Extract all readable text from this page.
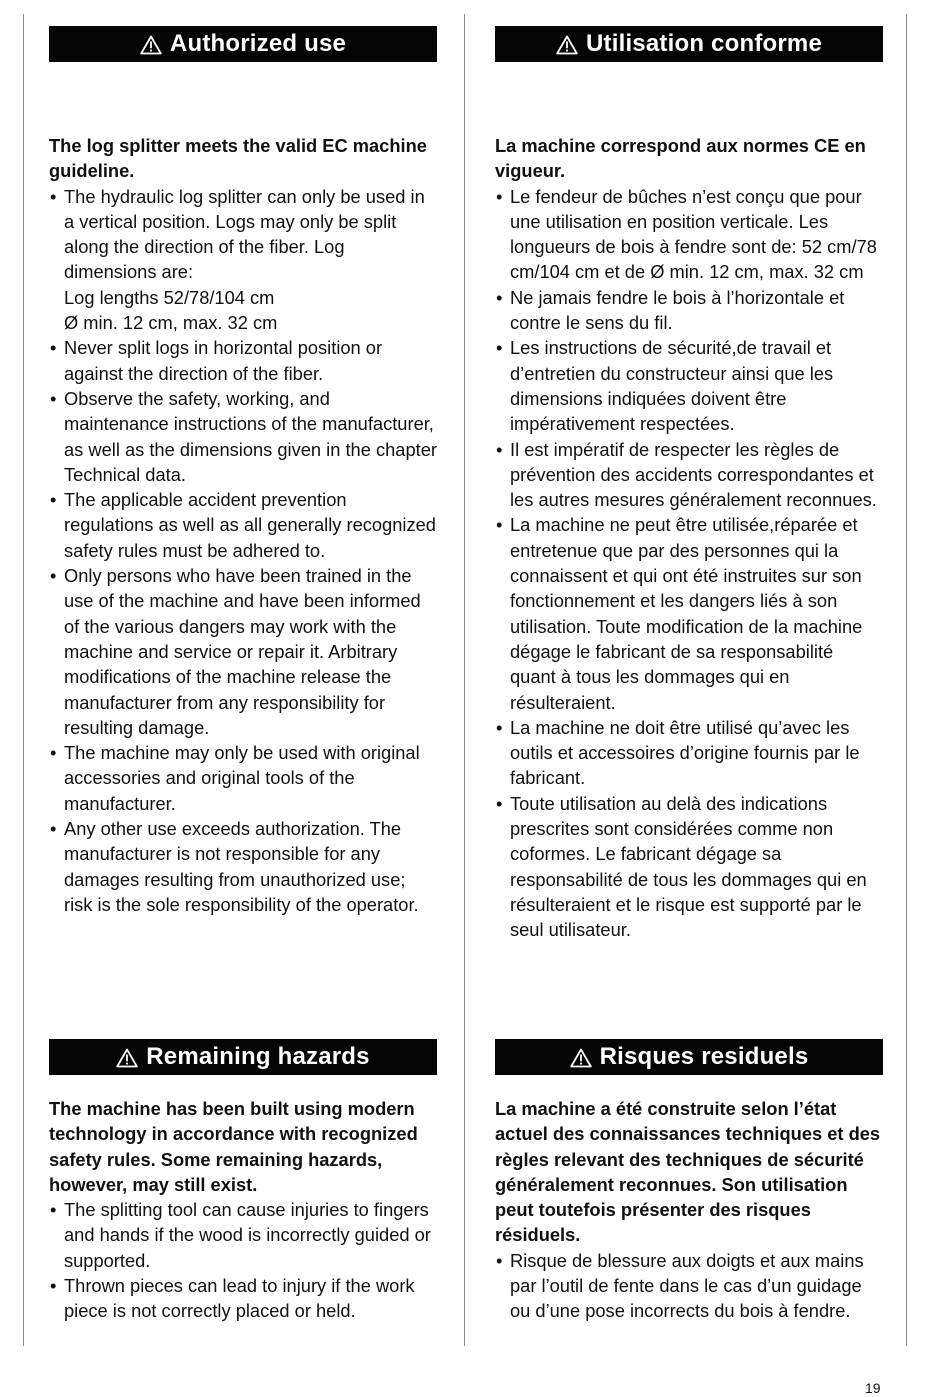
Authorized use

The log splitter meets the valid EC machine guideline.

• The hydraulic log splitter can only be used in a vertical position. Logs may only be split along the direction of the fiber. Log dimensions are:
Log lengths 52/78/104 cm
Ø min. 12 cm, max. 32 cm
• Never split logs in horizontal position or against the direction of the fiber.
• Observe the safety, working, and maintenance instructions of the manufacturer, as well as the dimensions given in the chapter Technical data.
• The applicable accident prevention regulations as well as all generally recognized safety rules must be adhered to.
• Only persons who have been trained in the use of the machine and have been informed of the various dangers may work with the machine and service or repair it. Arbitrary modifications of the machine release the manufacturer from any responsibility for resulting damage.
• The machine may only be used with original accessories and original tools of the manufacturer.
• Any other use exceeds authorization. The manufacturer is not responsible for any damages resulting from unauthorized use; risk is the sole responsibility of the operator.
Utilisation conforme

La machine correspond aux normes CE en vigueur.

• Le fendeur de bûches n’est conçu que pour une utilisation en position verticale. Les longueurs de bois à fendre sont de: 52 cm/78 cm/104 cm et de Ø min. 12 cm, max. 32 cm
• Ne jamais fendre le bois à l’horizontale et contre le sens du fil.
• Les instructions de sécurité,de travail et d’entretien du constructeur ainsi que les dimensions indiquées doivent être impérativement respectées.
• Il est impératif de respecter les règles de prévention des accidents correspondantes et les autres mesures généralement reconnues.
• La machine ne peut être utilisée,réparée et entretenue que par des personnes qui la connaissent et qui ont été instruites sur son fonctionnement et les dangers liés à son utilisation. Toute modification de la machine dégage le fabricant de sa responsabilité quant à tous les dommages qui en résulteraient.
• La machine ne doit être utilisé qu’avec les outils et accessoires d’origine fournis par le fabricant.
• Toute utilisation au delà des indications prescrites sont considérées comme non coformes. Le fabricant dégage sa responsabilité de tous les dommages qui en résulteraient et le risque est supporté par le seul utilisateur.
Remaining hazards

The machine has been built using modern technology in accordance with recognized safety rules. Some remaining hazards, however, may still exist.

• The splitting tool can cause injuries to fingers and hands if the wood is incorrectly guided or supported.
• Thrown pieces can lead to injury if the work piece is not correctly placed or held.
Risques residuels

La machine a été construite selon l’état actuel des connaissances techniques et des règles relevant des techniques de sécurité généralement reconnues. Son utilisation peut toutefois présenter des risques résiduels.

• Risque de blessure aux doigts et aux mains par l’outil de fente dans le cas d’un guidage ou d’une pose incorrects du bois à fendre.
19
